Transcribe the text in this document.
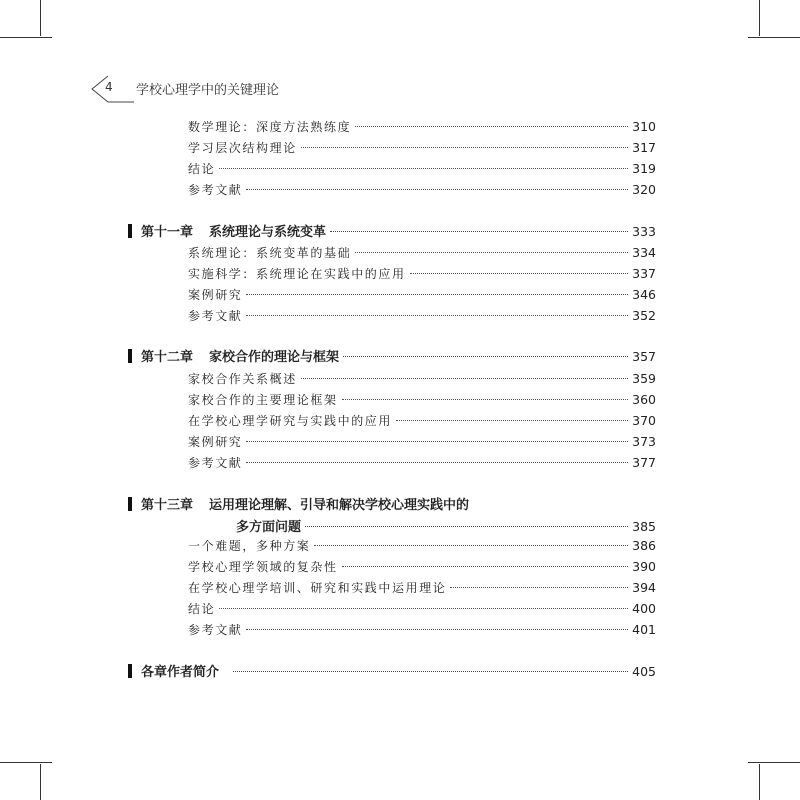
4 学校心理学中的关键理论
数学理论：深度方法熟练度	310
学习层次结构理论	317
结论	319
参考文献	320
第十一章 系统理论与系统变革	333
系统理论：系统变革的基础	334
实施科学：系统理论在实践中的应用	337
案例研究	346
参考文献	352
第十二章 家校合作的理论与框架	357
家校合作关系概述	359
家校合作的主要理论框架	360
在学校心理学研究与实践中的应用	370
案例研究	373
参考文献	377
第十三章 运用理论理解、引导和解决学校心理实践中的
多方面问题	385
一个难题，多种方案	386
学校心理学领域的复杂性	390
在学校心理学培训、研究和实践中运用理论	394
结论	400
参考文献	401
各章作者简介	405
